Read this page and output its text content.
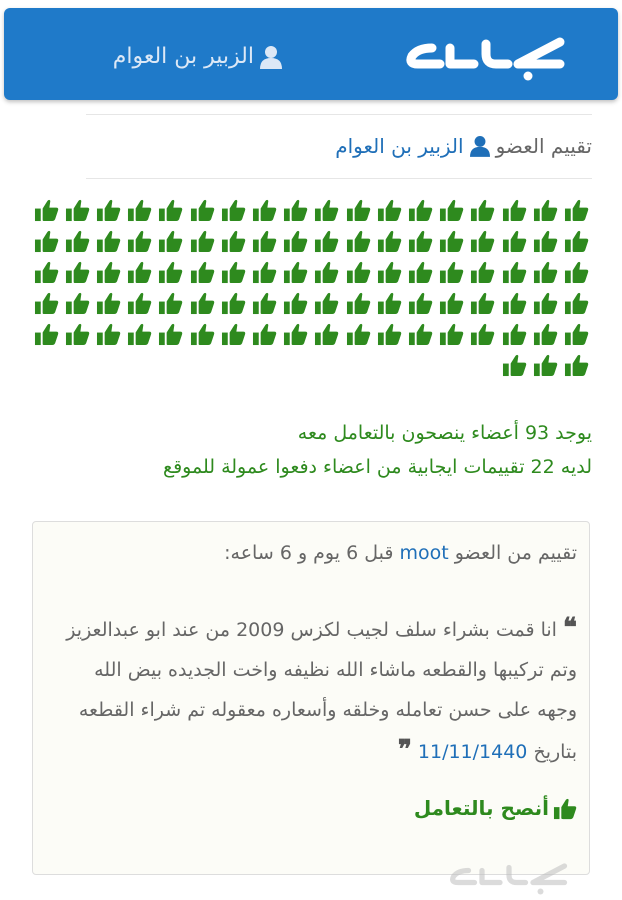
الزبير بن العوام
تقييم العضو
الزبير بن العوام
يوجد 93 أعضاء ينصحون بالتعامل معه
لديه 22 تقييمات ايجابية من اعضاء دفعوا عمولة للموقع
تقييم من العضو moot قبل 6 يوم و 6 ساعه:
❝ انا قمت بشراء سلف لجيب لكزس 2009 من عند ابو عبدالعزيز وتم تركيبها والقطعه ماشاء الله نظيفه واخت الجديده بيض الله وجهه على حسن تعامله وخلقه وأسعاره معقوله تم شراء القطعه بتاريخ 11/11/1440 ❞
أنصح بالتعامل
